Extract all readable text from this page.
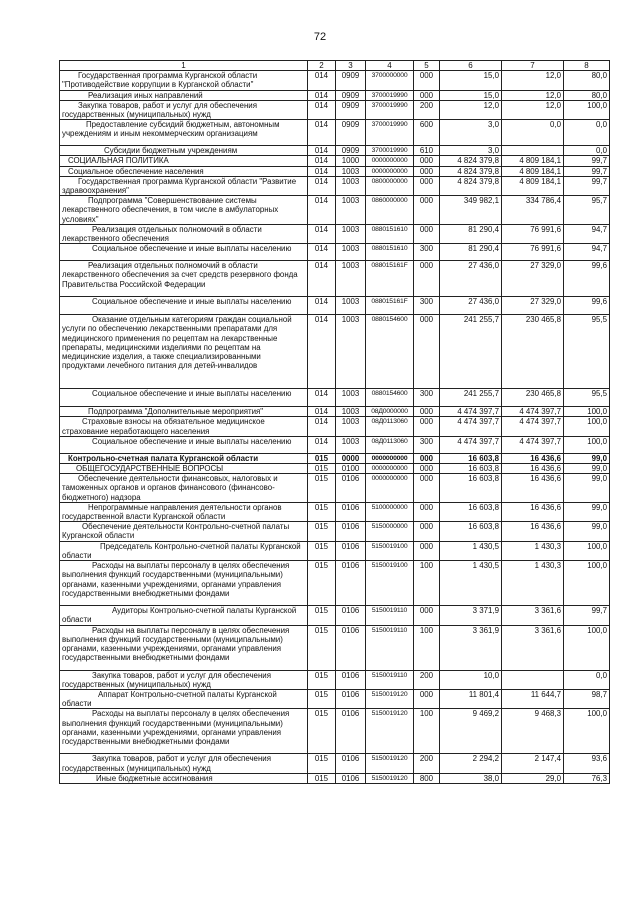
72
1	2	3	4	5	6	7	8
Государственная программа Курганской области "Противодействие коррупции в Курганской области"	014	0909	3700000000	000	15,0	12,0	80,0
Реализация иных направлений	014	0909	3700019990	000	15,0	12,0	80,0
Закупка товаров, работ и услуг для обеспечения государственных (муниципальных) нужд	014	0909	3700019990	200	12,0	12,0	100,0
Предоставление субсидий бюджетным, автономным учреждениям и иным некоммерческим организациям	014	0909	3700019990	600	3,0	0,0	0,0
Субсидии бюджетным учреждениям	014	0909	3700019990	610	3,0		0,0
СОЦИАЛЬНАЯ ПОЛИТИКА	014	1000	0000000000	000	4 824 379,8	4 809 184,1	99,7
Социальное обеспечение населения	014	1003	0000000000	000	4 824 379,8	4 809 184,1	99,7
Государственная программа Курганской области "Развитие здравоохранения"	014	1003	0800000000	000	4 824 379,8	4 809 184,1	99,7
Подпрограмма "Совершенствование системы лекарственного обеспечения, в том числе в амбулаторных условиях"	014	1003	0860000000	000	349 982,1	334 786,4	95,7
Реализация отдельных полномочий в области лекарственного обеспечения	014	1003	0880151610	000	81 290,4	76 991,6	94,7
Социальное обеспечение и иные выплаты населению	014	1003	0880151610	300	81 290,4	76 991,6	94,7
Реализация отдельных полномочий в области лекарственного обеспечения за счет средств резервного фонда Правительства Российской Федерации	014	1003	088015161F	000	27 436,0	27 329,0	99,6
Социальное обеспечение и иные выплаты населению	014	1003	088015161F	300	27 436,0	27 329,0	99,6
Оказание отдельным категориям граждан социальной услуги по обеспечению лекарственными препаратами для медицинского применения по рецептам на лекарственные препараты, медицинскими изделиями по рецептам на медицинские изделия, а также специализированными продуктами лечебного питания для детей-инвалидов	014	1003	0880154600	000	241 255,7	230 465,8	95,5
Социальное обеспечение и иные выплаты населению	014	1003	0880154600	300	241 255,7	230 465,8	95,5
Подпрограмма "Дополнительные мероприятия"	014	1003	08Д0000000	000	4 474 397,7	4 474 397,7	100,0
Страховые взносы на обязательное медицинское страхование неработающего населения	014	1003	08Д0113060	000	4 474 397,7	4 474 397,7	100,0
Социальное обеспечение и иные выплаты населению	014	1003	08Д0113060	300	4 474 397,7	4 474 397,7	100,0
Контрольно-счетная палата Курганской области	015	0000	0000000000	000	16 603,8	16 436,6	99,0
ОБЩЕГОСУДАРСТВЕННЫЕ ВОПРОСЫ	015	0100	0000000000	000	16 603,8	16 436,6	99,0
Обеспечение деятельности финансовых, налоговых и таможенных органов и органов финансового (финансово-бюджетного) надзора	015	0106	0000000000	000	16 603,8	16 436,6	99,0
Непрограммные направления деятельности органов государственной власти Курганской области	015	0106	5100000000	000	16 603,8	16 436,6	99,0
Обеспечение деятельности Контрольно-счетной палаты Курганской области	015	0106	5150000000	000	16 603,8	16 436,6	99,0
Председатель Контрольно-счетной палаты Курганской области	015	0106	5150019100	000	1 430,5	1 430,3	100,0
Расходы на выплаты персоналу в целях обеспечения выполнения функций государственными (муниципальными) органами, казенными учреждениями, органами управления государственными внебюджетными фондами	015	0106	5150019100	100	1 430,5	1 430,3	100,0
Аудиторы Контрольно-счетной палаты Курганской области	015	0106	5150019110	000	3 371,9	3 361,6	99,7
Расходы на выплаты персоналу в целях обеспечения выполнения функций государственными (муниципальными) органами, казенными учреждениями, органами управления государственными внебюджетными фондами	015	0106	5150019110	100	3 361,9	3 361,6	100,0
Закупка товаров, работ и услуг для обеспечения государственных (муниципальных) нужд	015	0106	5150019110	200	10,0		0,0
Аппарат Контрольно-счетной палаты Курганской области	015	0106	5150019120	000	11 801,4	11 644,7	98,7
Расходы на выплаты персоналу в целях обеспечения выполнения функций государственными (муниципальными) органами, казенными учреждениями, органами управления государственными внебюджетными фондами	015	0106	5150019120	100	9 469,2	9 468,3	100,0
Закупка товаров, работ и услуг для обеспечения государственных (муниципальных) нужд	015	0106	5150019120	200	2 294,2	2 147,4	93,6
Иные бюджетные ассигнования	015	0106	5150019120	800	38,0	29,0	76,3
